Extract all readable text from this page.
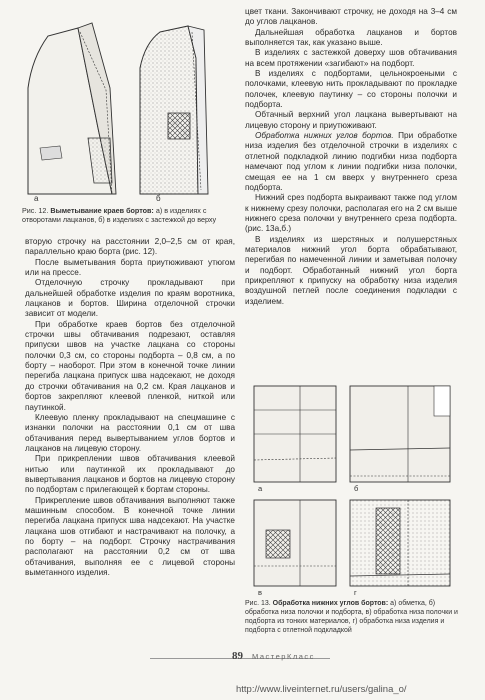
а	б
Рис. 12. Выметывание краев бортов: а) в изделиях с отворотами лацканов, б) в изделиях с застежкой до верху

вторую строчку на расстоянии 2,0–2,5 см от края, параллельно краю борта (рис. 12).

После выметывания борта приутюживают утюгом или на прессе.

Отделочную строчку прокладывают при дальнейшей обработке изделия по краям воротника, лацканов и бортов. Ширина отделочной строчки зависит от модели.

При обработке краев бортов без отделочной строчки швы обтачивания подрезают, оставляя припуски швов на участке лацкана со стороны полочки 0,3 см, со стороны подборта – 0,8 см, а по борту – наоборот. При этом в конечной точке линии перегиба лацкана припуск шва надсекают, не доходя до строчки обтачивания на 0,2 см. Края лацканов и бортов закрепляют клеевой пленкой, ниткой или паутинкой.

Клеевую пленку прокладывают на спецмашине с изнанки полочки на расстоянии 0,1 см от шва обтачивания перед вывертыванием углов бортов и лацканов на лицевую сторону.

При прикреплении швов обтачивания клеевой нитью или паутинкой их прокладывают до вывертывания лацканов и бортов на лицевую сторону по подбортам с прилегающей к бортам стороны.

Прикрепление швов обтачивания выполняют также машинным способом. В конечной точке линии перегиба лацкана припуск шва надсекают. На участке лацкана шов отгибают и настрачивают на полочку, а по борту – на подборт. Строчку настрачивания располагают на расстоянии 0,2 см от шва обтачивания, выполняя ее с лицевой стороны выметанного изделия.

цвет ткани. Закончивают строчку, не доходя на 3–4 см до углов лацканов.

Дальнейшая обработка лацканов и бортов выполняется так, как указано выше.

В изделиях с застежкой доверху шов обтачивания на всем протяжении «загибают» на подборт.

В изделиях с подбортами, цельнокроеными с полочками, клеевую нить прокладывают по прокладке полочек, клеевую паутинку – со стороны полочки и подборта.

Обтачный верхний угол лацкана вывертывают на лицевую сторону и приутюживают.

Обработка нижних углов бортов. При обработке низа изделия без отделочной строчки в изделиях с отлетной подкладкой линию подгибки низа подборта намечают под углом к линии подгибки низа полочки, смещая ее на 1 см вверх у внутреннего среза подборта.

Нижний срез подборта выкраивают также под углом к нижнему срезу полочки, располагая его на 2 см выше нижнего среза полочки у внутреннего среза подборта. (рис. 13а,б.)

В изделиях из шерстяных и полушерстяных материалов нижний угол борта обрабатывают, перегибая по намеченной линии и заметывая полочку и подборт. Обработанный нижний угол борта прикрепляют к припуску на обработку низа изделия воздушной петлей после соединения подкладки с изделием.

а	б
в	г
Рис. 13. Обработка нижних углов бортов: а) обметка, б) обработка низа полочки и подборта, в) обработка низа полочки и подборта из тонких материалов, г) обработка низа изделия и подборта с отлетной подкладкой
89 МастерКласс
http://www.liveinternet.ru/users/galina_o/
